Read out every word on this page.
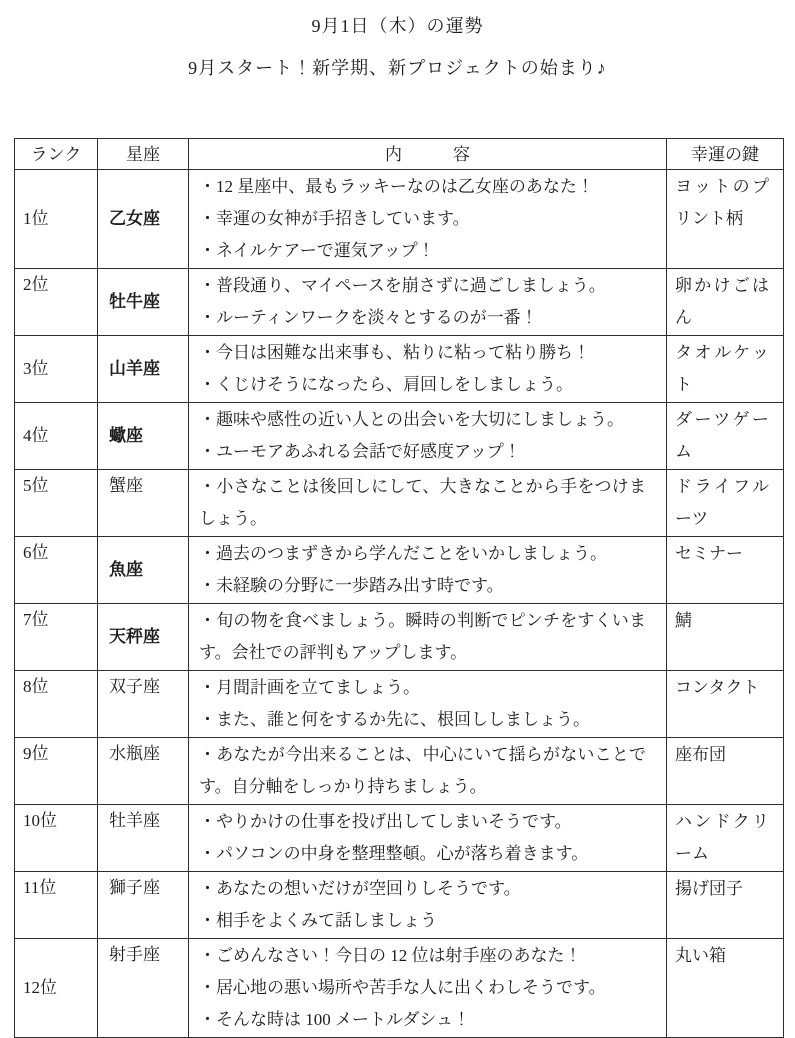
9月1日（木）の運勢
9月スタート！新学期、新プロジェクトの始まり♪
ランク	星座	内　　　容	幸運の鍵
1位	乙女座	・12 星座中、最もラッキーなのは乙女座のあなた！
・幸運の女神が手招きしています。
・ネイルケアーで運気アップ！	ヨットのプリント柄
2位	牡牛座	・普段通り、マイペースを崩さずに過ごしましょう。
・ルーティンワークを淡々とするのが一番！	卵かけごはん
3位	山羊座	・今日は困難な出来事も、粘りに粘って粘り勝ち！
・くじけそうになったら、肩回しをしましょう。	タオルケット
4位	蠍座	・趣味や感性の近い人との出会いを大切にしましょう。
・ユーモアあふれる会話で好感度アップ！	ダーツゲーム
5位	蟹座	・小さなことは後回しにして、大きなことから手をつけましょう。	ドライフルーツ
6位	魚座	・過去のつまずきから学んだことをいかしましょう。
・未経験の分野に一歩踏み出す時です。	セミナー
7位	天秤座	・旬の物を食べましょう。瞬時の判断でピンチをすくいます。会社での評判もアップします。	鯖
8位	双子座	・月間計画を立てましょう。
・また、誰と何をするか先に、根回ししましょう。	コンタクト
9位	水瓶座	・あなたが今出来ることは、中心にいて揺らがないことです。自分軸をしっかり持ちましょう。	座布団
10位	牡羊座	・やりかけの仕事を投げ出してしまいそうです。
・パソコンの中身を整理整頓。心が落ち着きます。	ハンドクリーム
11位	獅子座	・あなたの想いだけが空回りしそうです。
・相手をよくみて話しましょう	揚げ団子
12位	射手座	・ごめんなさい！今日の 12 位は射手座のあなた！
・居心地の悪い場所や苦手な人に出くわしそうです。
・そんな時は 100 メートルダシュ！	丸い箱
